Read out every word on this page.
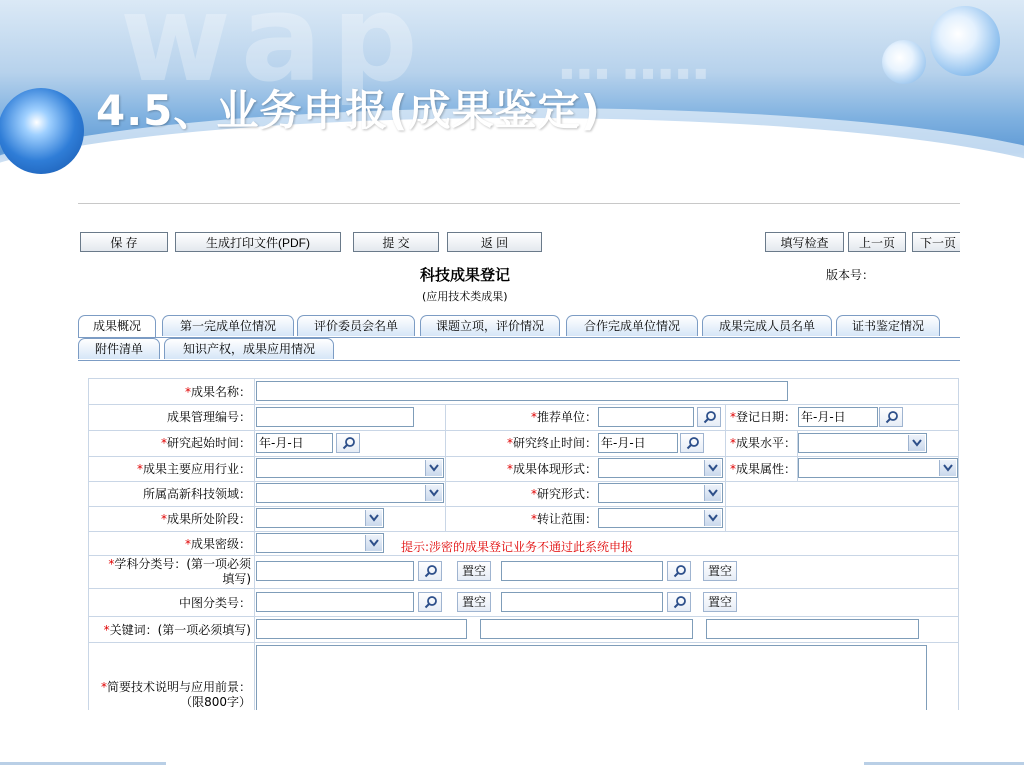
wap	▪▪▪ ▪▪▪▪▪
4.5、业务申报(成果鉴定)
保 存	生成打印文件(PDF)	提 交	返 回	填写检查	上一页	下一页
科技成果登记
(应用技术类成果)
版本号：
成果概况	第一完成单位情况	评价委员会名单	课题立项，评价情况	合作完成单位情况	成果完成人员名单	证书鉴定情况
附件清单	知识产权，成果应用情况
*成果名称：
成果管理编号：	*推荐单位：	*登记日期： 年-月-日
*研究起始时间： 年-月-日	*研究终止时间： 年-月-日	*成果水平：
*成果主要应用行业：	*成果体现形式：	*成果属性：
所属高新科技领域：	*研究形式：
*成果所处阶段：	*转让范围：
*成果密级：	提示:涉密的成果登记业务不通过此系统申报
*学科分类号：(第一项必须
填写)
置空	置空
中图分类号：	置空	置空
*关键词：(第一项必须填写)
*简要技术说明与应用前景：
（限800字）
